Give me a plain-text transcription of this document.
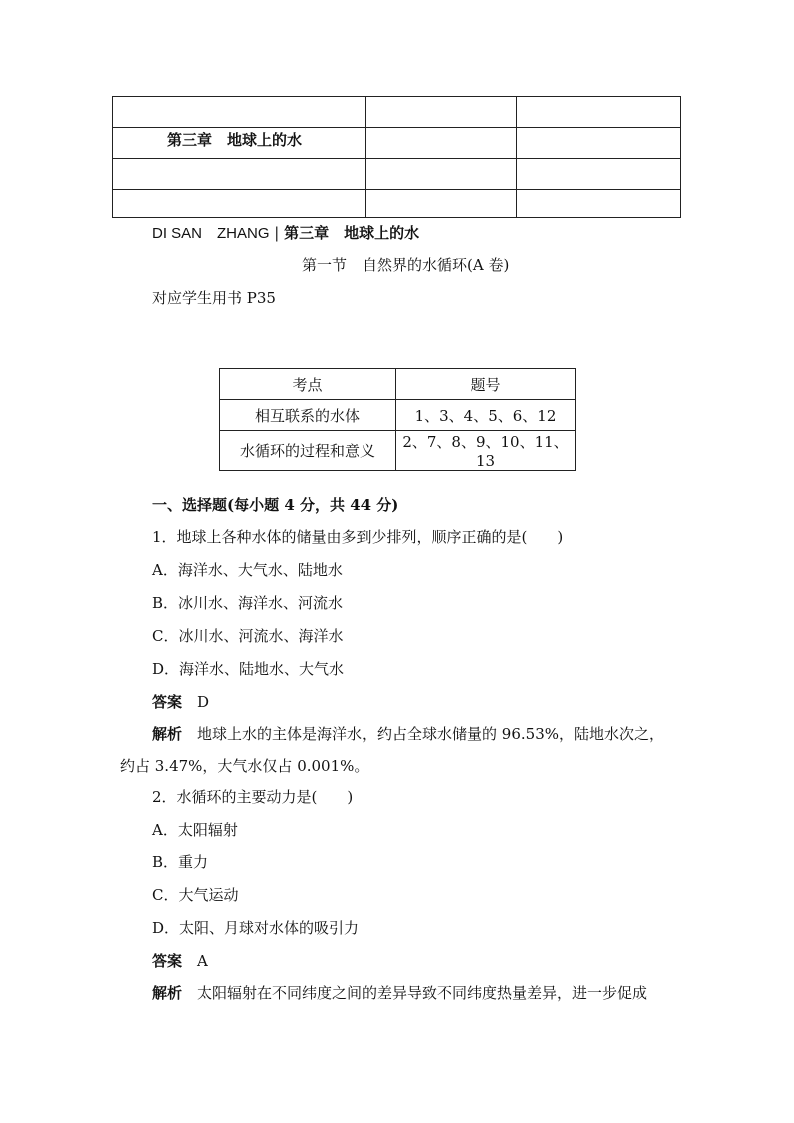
第三章　地球上的水		

DI SAN　ZHANG | 第三章　地球上的水
第一节　自然界的水循环(A 卷)
对应学生用书 P35
考点	题号
相互联系的水体	1、3、4、5、6、12
水循环的过程和意义	2、7、8、9、10、11、13
一、选择题(每小题 4 分，共 44 分)
1．地球上各种水体的储量由多到少排列，顺序正确的是(　　)
A．海洋水、大气水、陆地水
B．冰川水、海洋水、河流水
C．冰川水、河流水、海洋水
D．海洋水、陆地水、大气水
答案　 D
解析　 地球上水的主体是海洋水，约占全球水储量的 96.53%，陆地水次之，
约占 3.47%，大气水仅占 0.001%。
2．水循环的主要动力是(　　)
A．太阳辐射
B．重力
C．大气运动
D．太阳、月球对水体的吸引力
答案　 A
解析　 太阳辐射在不同纬度之间的差异导致不同纬度热量差异，进一步促成
